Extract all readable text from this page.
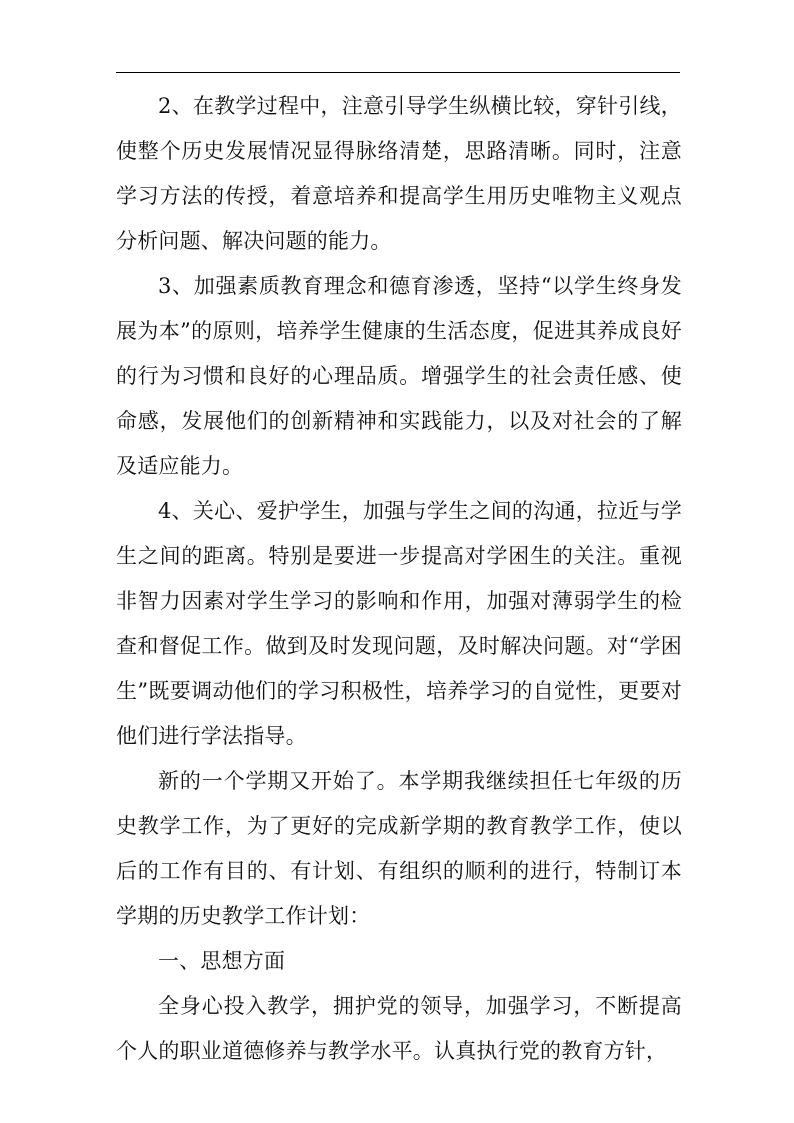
2、在教学过程中，注意引导学生纵横比较，穿针引线，使整个历史发展情况显得脉络清楚，思路清晰。同时，注意学习方法的传授，着意培养和提高学生用历史唯物主义观点分析问题、解决问题的能力。

3、加强素质教育理念和德育渗透，坚持“以学生终身发展为本”的原则，培养学生健康的生活态度，促进其养成良好的行为习惯和良好的心理品质。增强学生的社会责任感、使命感，发展他们的创新精神和实践能力，以及对社会的了解及适应能力。

4、关心、爱护学生，加强与学生之间的沟通，拉近与学生之间的距离。特别是要进一步提高对学困生的关注。重视非智力因素对学生学习的影响和作用，加强对薄弱学生的检查和督促工作。做到及时发现问题，及时解决问题。对“学困生”既要调动他们的学习积极性，培养学习的自觉性，更要对他们进行学法指导。

新的一个学期又开始了。本学期我继续担任七年级的历史教学工作，为了更好的完成新学期的教育教学工作，使以后的工作有目的、有计划、有组织的顺利的进行，特制订本学期的历史教学工作计划：

一、思想方面

全身心投入教学，拥护党的领导，加强学习，不断提高个人的职业道德修养与教学水平。认真执行党的教育方针，
